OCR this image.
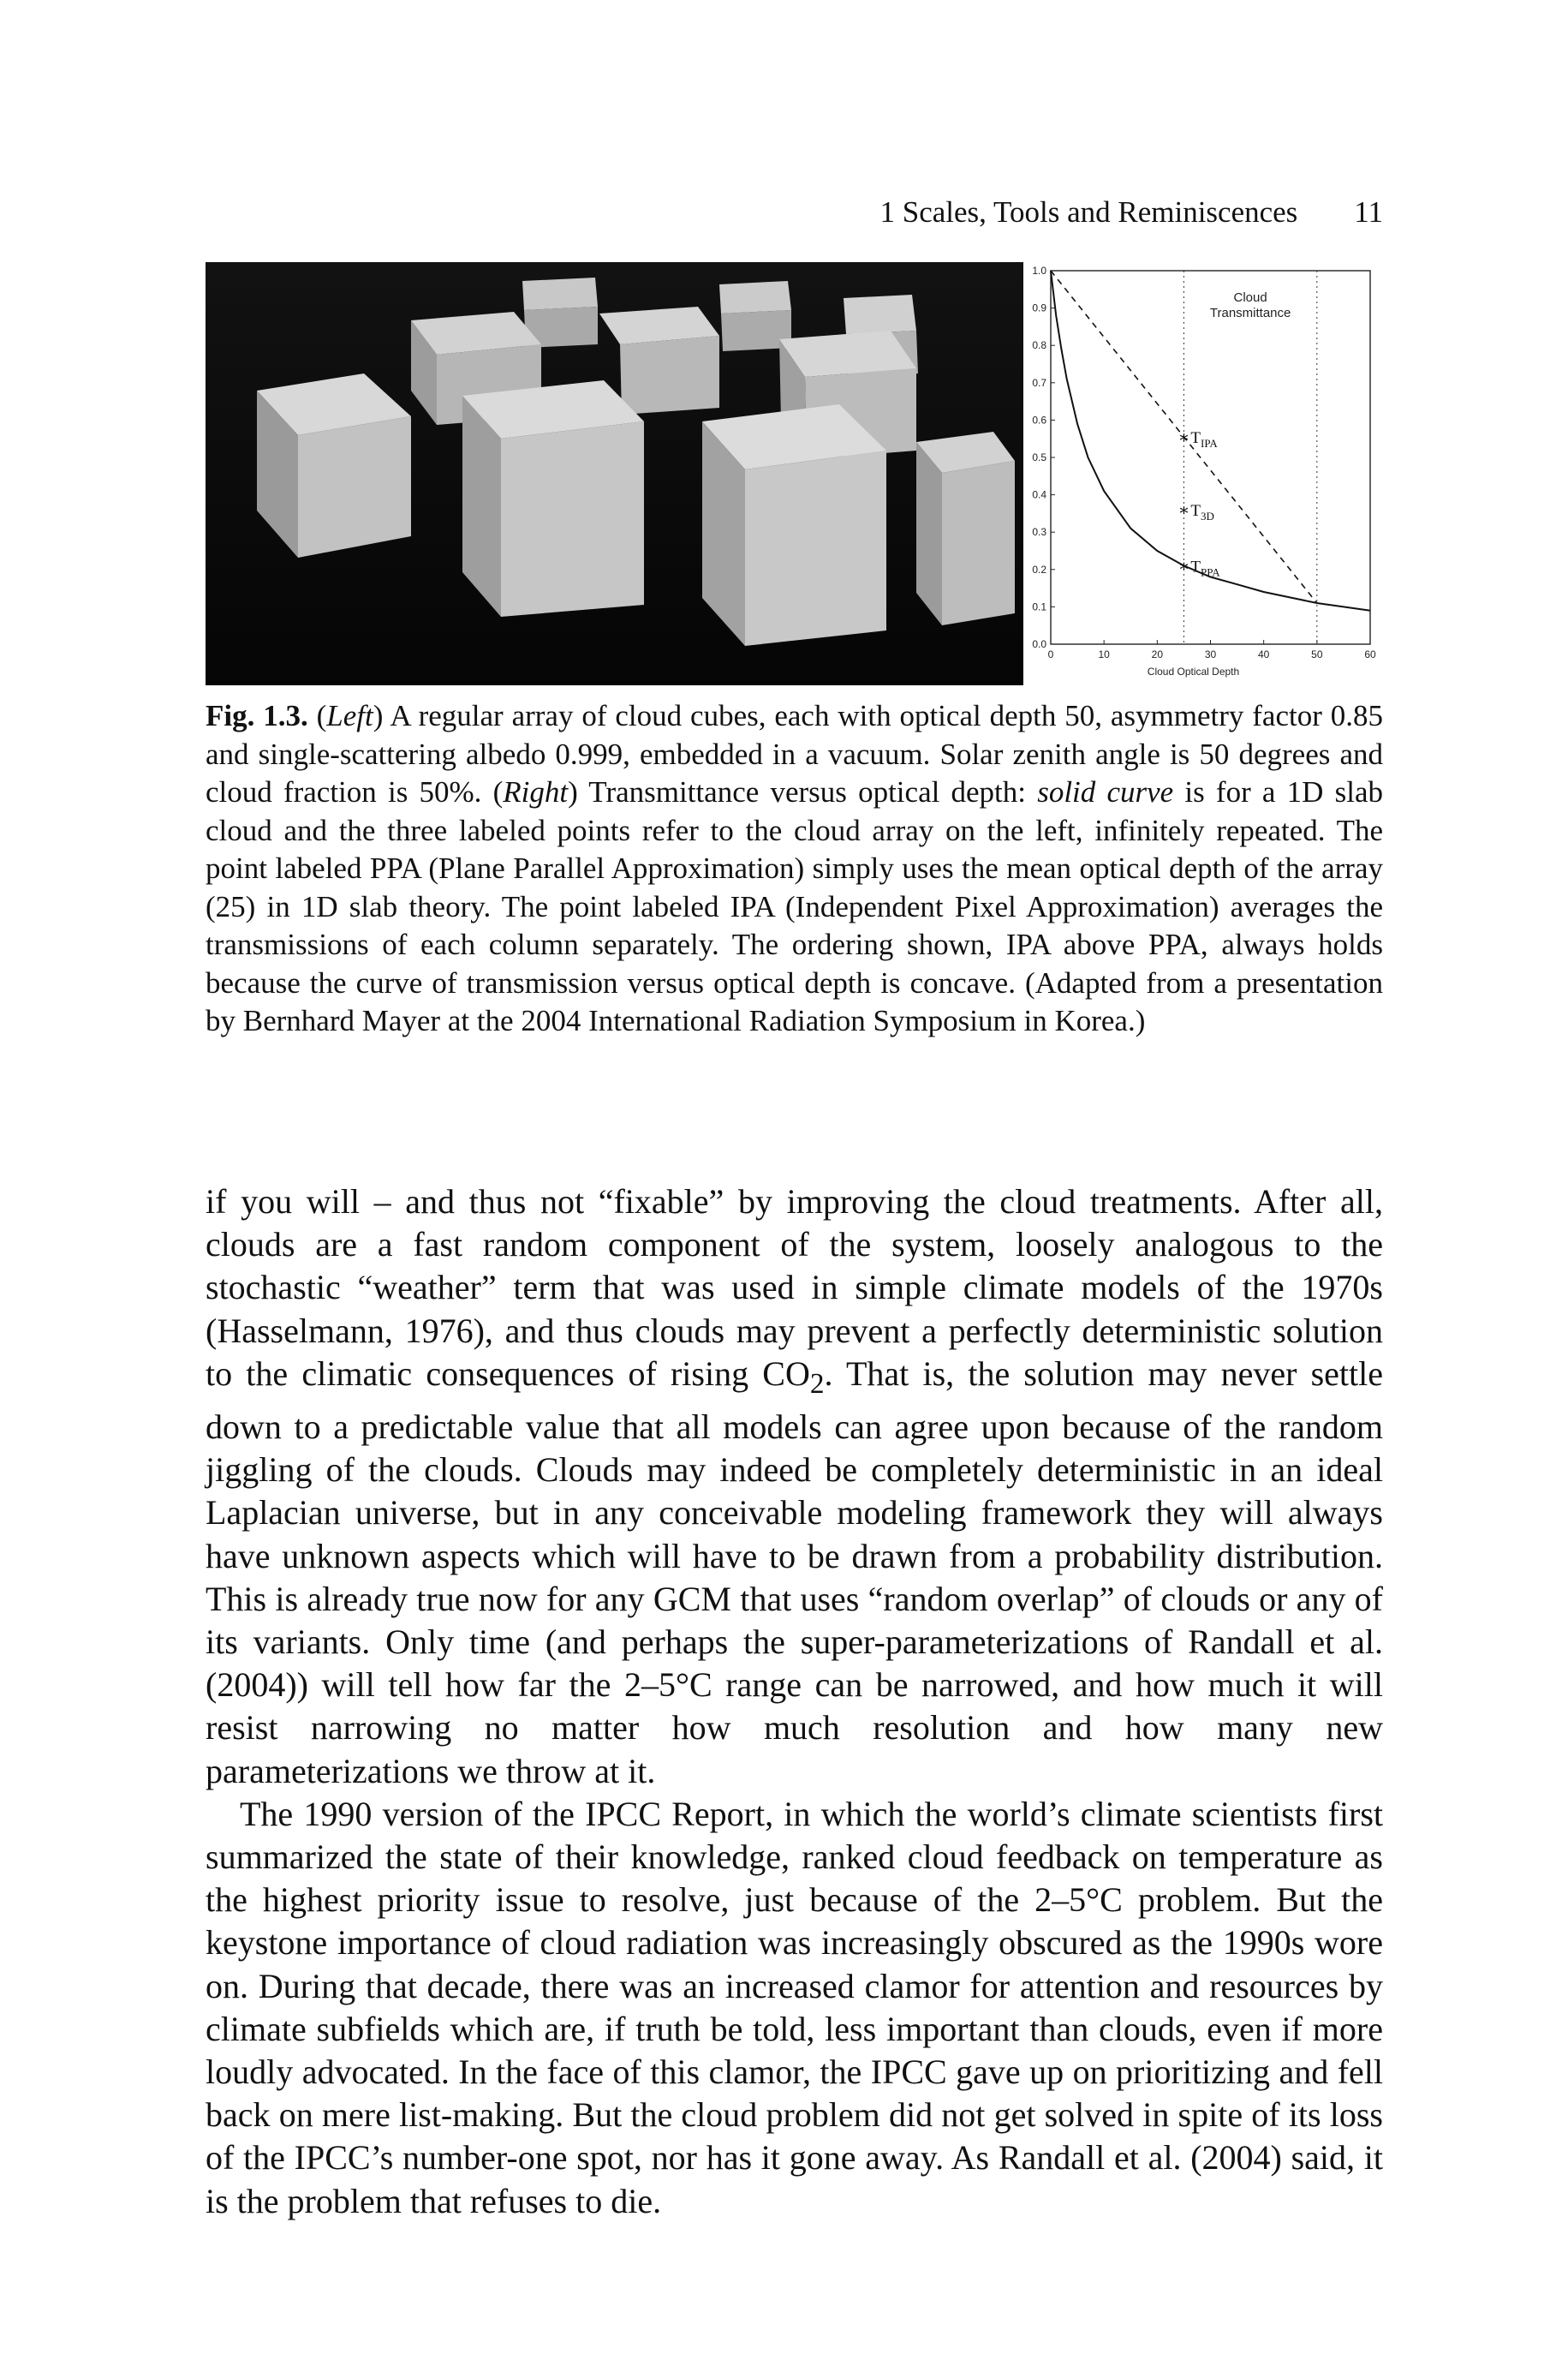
1 Scales, Tools and Reminiscences 11
0.0
0.1
0.2
0.3
0.4
0.5
0.6
0.7
0.8
0.9
1.0
0	10	20	30	40	50	60
Cloud Optical Depth
Cloud
Transmittance
∗ $T_{IPA}$
∗ $T_{3D}$
∗ $T_{PPA}$
Fig. 1.3. (Left) A regular array of cloud cubes, each with optical depth 50, asymmetry factor 0.85 and single-scattering albedo 0.999, embedded in a vacuum. Solar zenith angle is 50 degrees and cloud fraction is 50%. (Right) Transmittance versus optical depth: solid curve is for a 1D slab cloud and the three labeled points refer to the cloud array on the left, infinitely repeated. The point labeled PPA (Plane Parallel Approximation) simply uses the mean optical depth of the array (25) in 1D slab theory. The point labeled IPA (Independent Pixel Approximation) averages the transmissions of each column separately. The ordering shown, IPA above PPA, always holds because the curve of transmission versus optical depth is concave. (Adapted from a presentation by Bernhard Mayer at the 2004 International Radiation Symposium in Korea.)

if you will – and thus not “fixable” by improving the cloud treatments. After all, clouds are a fast random component of the system, loosely analogous to the stochastic “weather” term that was used in simple climate models of the 1970s (Hasselmann, 1976), and thus clouds may prevent a perfectly deterministic solution to the climatic consequences of rising $CO_2$. That is, the solution may never settle down to a predictable value that all models can agree upon because of the random jiggling of the clouds. Clouds may indeed be completely deterministic in an ideal Laplacian universe, but in any conceivable modeling framework they will always have unknown aspects which will have to be drawn from a probability distribution. This is already true now for any GCM that uses “random overlap” of clouds or any of its variants. Only time (and perhaps the super-parameterizations of Randall et al. (2004)) will tell how far the 2–5°C range can be narrowed, and how much it will resist narrowing no matter how much resolution and how many new parameterizations we throw at it.

The 1990 version of the IPCC Report, in which the world’s climate scientists first summarized the state of their knowledge, ranked cloud feedback on temperature as the highest priority issue to resolve, just because of the 2–5°C problem. But the keystone importance of cloud radiation was increasingly obscured as the 1990s wore on. During that decade, there was an increased clamor for attention and resources by climate subfields which are, if truth be told, less important than clouds, even if more loudly advocated. In the face of this clamor, the IPCC gave up on prioritizing and fell back on mere list-making. But the cloud problem did not get solved in spite of its loss of the IPCC’s number-one spot, nor has it gone away. As Randall et al. (2004) said, it is the problem that refuses to die.
